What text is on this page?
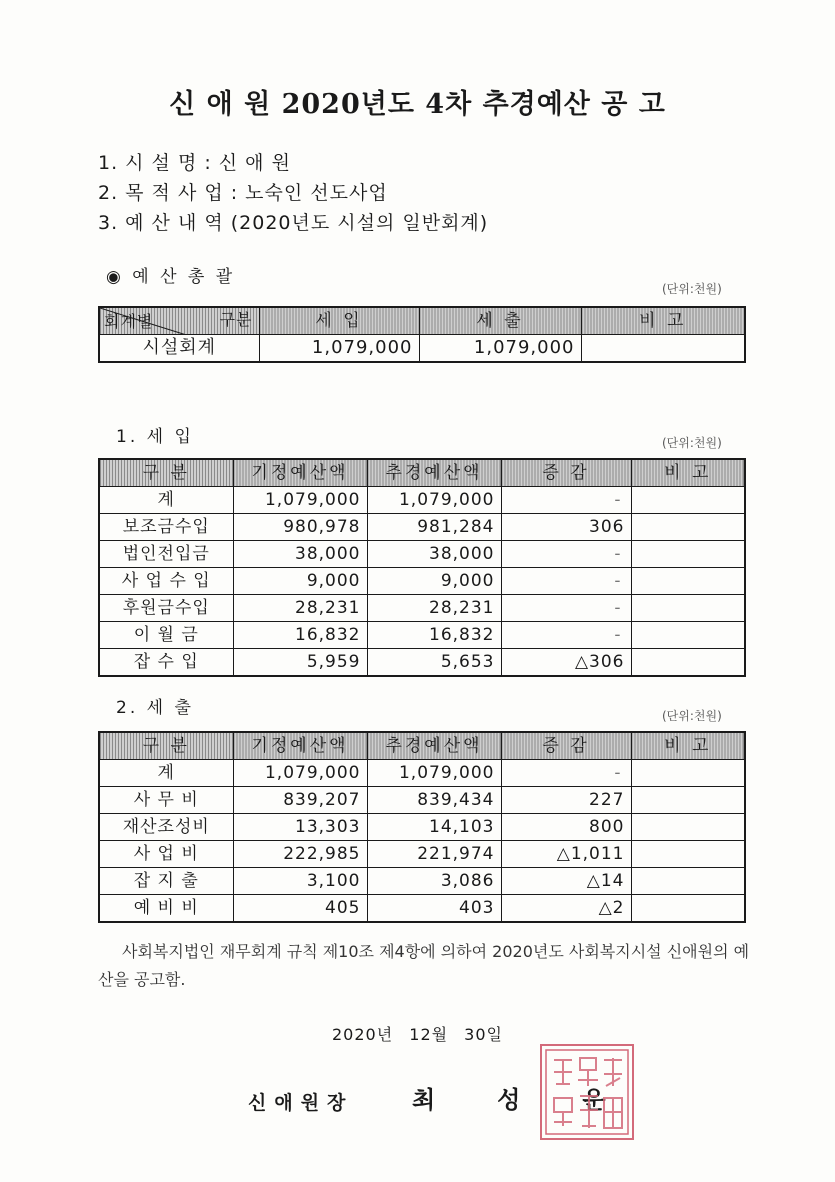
신 애 원 2020년도 4차 추경예산 공 고
1. 시 설 명 : 신 애 원
2. 목 적 사 업 : 노숙인 선도사업
3. 예 산 내 역 (2020년도 시설의 일반회계)
◉ 예 산 총 괄
(단위:천원)
구분
회계별	세 입	세 출	비 고
시설회계	1,079,000	1,079,000	
1. 세 입	(단위:천원)
구 분	기정예산액	추경예산액	증 감	비 고
계	1,079,000	1,079,000	-	
보조금수입	980,978	981,284	306	
법인전입금	38,000	38,000	-	
사 업 수 입	9,000	9,000	-	
후원금수입	28,231	28,231	-	
이 월 금	16,832	16,832	-	
잡 수 입	5,959	5,653	△306	
2. 세 출	(단위:천원)
구 분	기정예산액	추경예산액	증 감	비 고
계	1,079,000	1,079,000	-	
사 무 비	839,207	839,434	227	
재산조성비	13,303	14,103	800	
사 업 비	222,985	221,974	△1,011	
잡 지 출	3,100	3,086	△14	
예 비 비	405	403	△2	
사회복지법인 재무회계 규칙 제10조 제4항에 의하여 2020년도 사회복지시설 신애원의 예산을 공고함.
2020년 12월 30일
신애원장 최성운
